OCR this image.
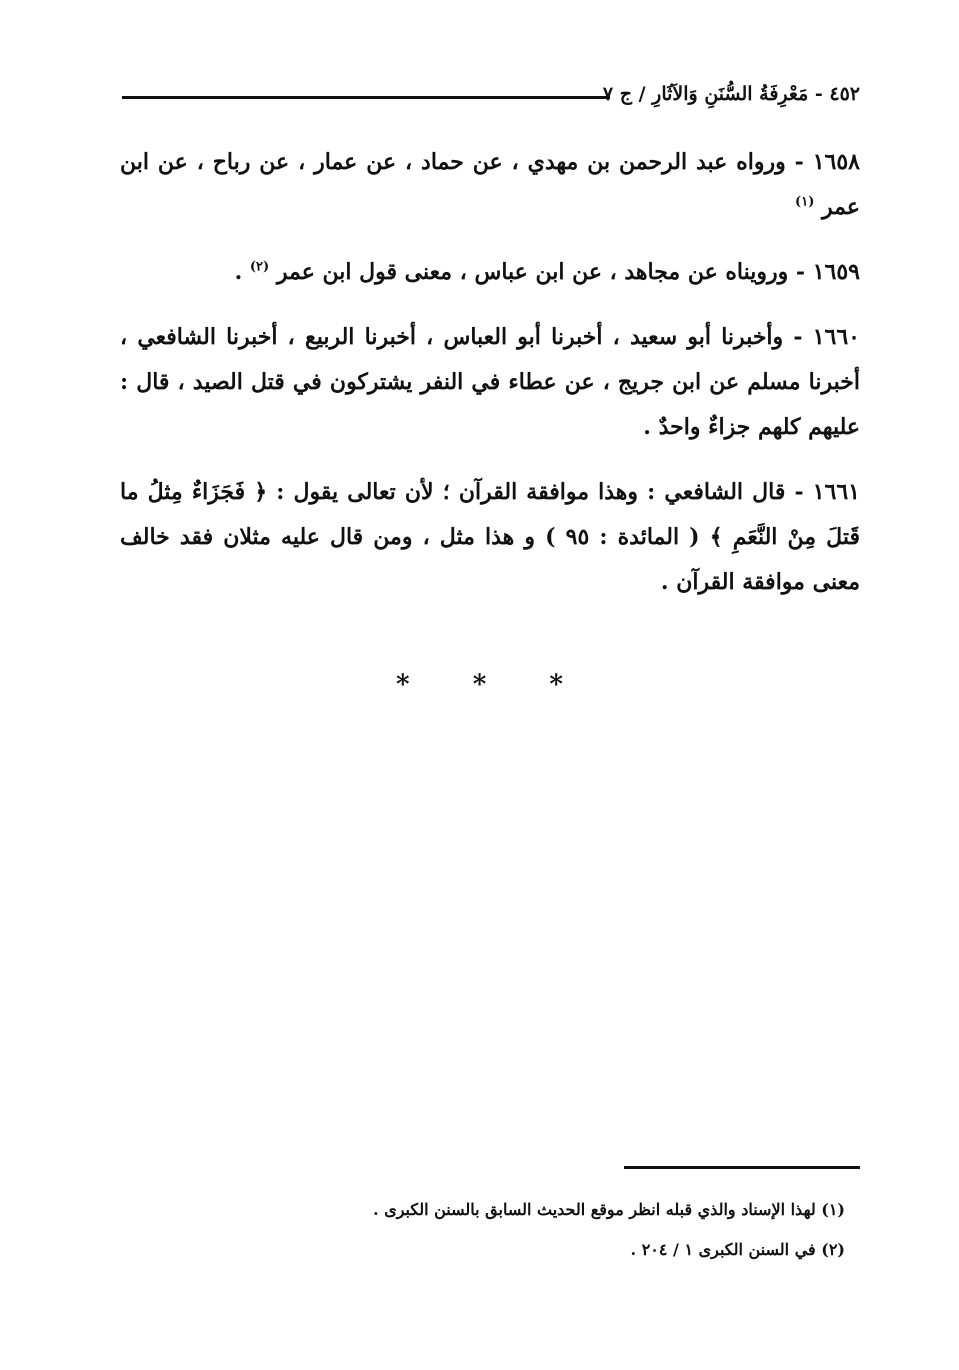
٤٥٢ - مَعْرِفَةُ السُّنَنِ وَالآثَارِ / ج ٧

١٦٥٨ - ورواه عبد الرحمن بن مهدي ، عن حماد ، عن عمار ، عن رباح ، عن ابن عمر $^{(١)}$

١٦٥٩ - ورويناه عن مجاهد ، عن ابن عباس ، معنى قول ابن عمر $^{(٢)}$ .

١٦٦٠ - وأخبرنا أبو سعيد ، أخبرنا أبو العباس ، أخبرنا الربيع ، أخبرنا الشافعي ، أخبرنا مسلم عن ابن جريج ، عن عطاء في النفر يشتركون في قتل الصيد ، قال : عليهم كلهم جزاءٌ واحدٌ .

١٦٦١ - قال الشافعي : وهذا موافقة القرآن ؛ لأن تعالى يقول : ﴿ فَجَزَاءٌ مِثلُ ما قَتلَ مِنْ النَّعَمِ ﴾ ( المائدة : ٩٥ ) و هذا مثل ، ومن قال عليه مثلان فقد خالف معنى موافقة القرآن .

* * *

(١) لهذا الإسناد والذي قبله انظر موقع الحديث السابق بالسنن الكبرى .

(٢) في السنن الكبرى ١ / ٢٠٤ .
